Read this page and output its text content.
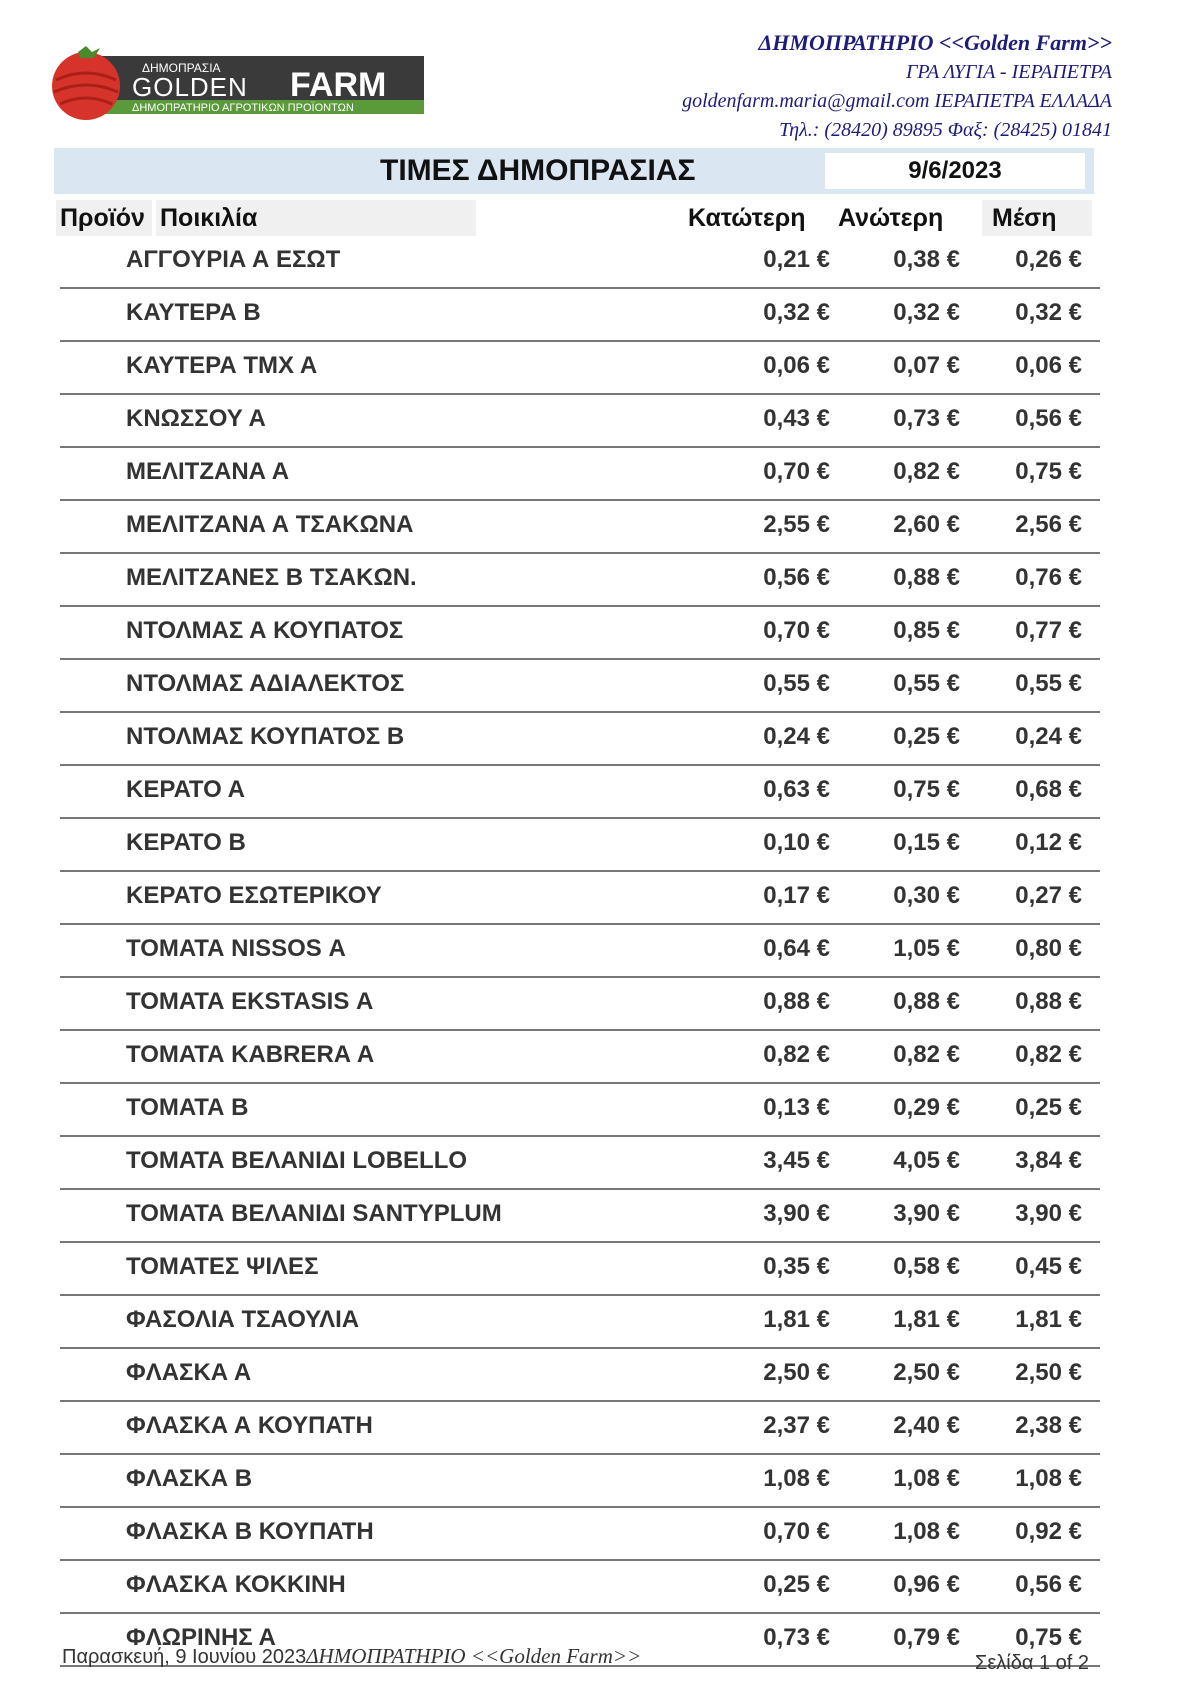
ΔΗΜΟΠΡΑΣΙΑ
GOLDEN FARM
ΔΗΜΟΠΡΑΤΗΡΙΟ ΑΓΡΟΤΙΚΩΝ ΠΡΟΪΟΝΤΩΝ
ΔΗΜΟΠΡΑΤΗΡΙΟ <<Golden Farm>>
ΓΡΑ ΛΥΓΙΑ - ΙΕΡΑΠΕΤΡΑ
goldenfarm.maria@gmail.com ΙΕΡΑΠΕΤΡΑ ΕΛΛΑΔΑ
Τηλ.: (28420) 89895 Φαξ: (28425) 01841
ΤΙΜΕΣ ΔΗΜΟΠΡΑΣΙΑΣ	9/6/2023
Προϊόν Ποικιλία	Κατώτερη Ανώτερη	Μέση
ΑΓΓΟΥΡΙΑ Α ΕΣΩΤ	0,21 €	0,38 € 0,26 €
ΚΑΥΤΕΡΑ Β	0,32 €	0,32 € 0,32 €
ΚΑΥΤΕΡΑ ΤΜΧ Α	0,06 €	0,07 € 0,06 €
ΚΝΩΣΣΟΥ Α	0,43 €	0,73 € 0,56 €
ΜΕΛΙΤΖΑΝΑ Α	0,70 €	0,82 € 0,75 €
ΜΕΛΙΤΖΑΝΑ Α ΤΣΑΚΩΝΑ	2,55 €	2,60 € 2,56 €
ΜΕΛΙΤΖΑΝΕΣ Β ΤΣΑΚΩΝ.	0,56 €	0,88 € 0,76 €
ΝΤΟΛΜΑΣ Α ΚΟΥΠΑΤΟΣ	0,70 €	0,85 € 0,77 €
ΝΤΟΛΜΑΣ ΑΔΙΑΛΕΚΤΟΣ	0,55 €	0,55 € 0,55 €
ΝΤΟΛΜΑΣ ΚΟΥΠΑΤΟΣ Β	0,24 €	0,25 € 0,24 €
ΚΕΡΑΤΟ Α	0,63 €	0,75 € 0,68 €
ΚΕΡΑΤΟ Β	0,10 €	0,15 € 0,12 €
ΚΕΡΑΤΟ ΕΣΩΤΕΡΙΚΟΥ	0,17 €	0,30 € 0,27 €
ΤΟΜΑΤΑ NISSOS Α	0,64 €	1,05 € 0,80 €
ΤΟΜΑΤΑ EKSTASIS Α	0,88 €	0,88 € 0,88 €
ΤΟΜΑΤΑ KABRERA Α	0,82 €	0,82 € 0,82 €
ΤΟΜΑΤΑ Β	0,13 €	0,29 € 0,25 €
ΤΟΜΑΤΑ ΒΕΛΑΝΙΔΙ LOBELLO	3,45 €	4,05 € 3,84 €
ΤΟΜΑΤΑ ΒΕΛΑΝΙΔΙ SANTYPLUM	3,90 €	3,90 € 3,90 €
ΤΟΜΑΤΕΣ ΨΙΛΕΣ	0,35 €	0,58 € 0,45 €
ΦΑΣΟΛΙΑ ΤΣΑΟΥΛΙΑ	1,81 €	1,81 € 1,81 €
ΦΛΑΣΚΑ Α	2,50 €	2,50 € 2,50 €
ΦΛΑΣΚΑ Α ΚΟΥΠΑΤΗ	2,37 €	2,40 € 2,38 €
ΦΛΑΣΚΑ Β	1,08 €	1,08 € 1,08 €
ΦΛΑΣΚΑ Β ΚΟΥΠΑΤΗ	0,70 €	1,08 € 0,92 €
ΦΛΑΣΚΑ ΚΟΚΚΙΝΗ	0,25 €	0,96 € 0,56 €
ΦΛΩΡΙΝΗΣ Α	0,73 €	0,79 € 0,75 €
Παρασκευή, 9 Ιουνίου 2023ΔΗΜΟΠΡΑΤΗΡΙΟ <<Golden Farm>>	Σελίδα 1 of 2
